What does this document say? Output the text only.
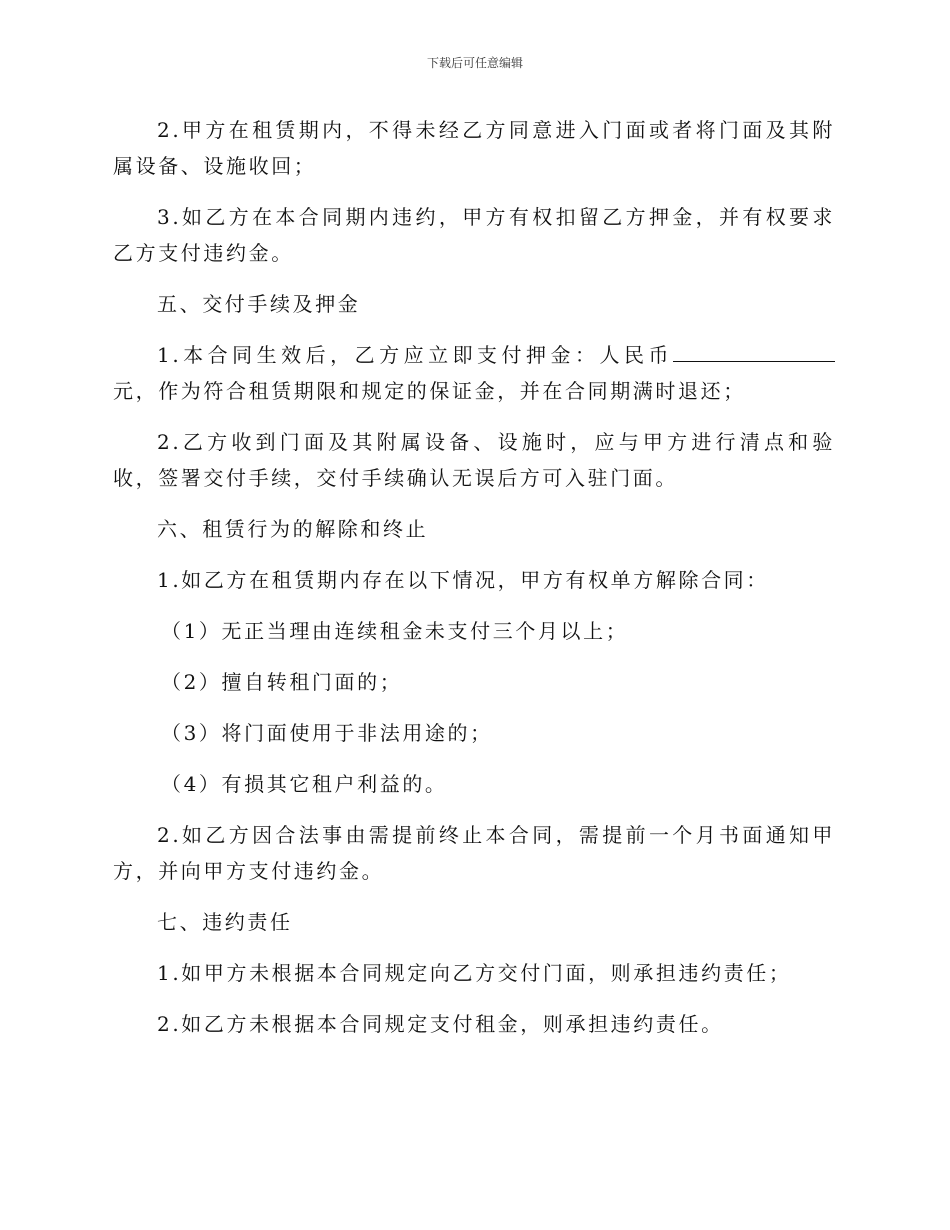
下载后可任意编辑

2.甲方在租赁期内，不得未经乙方同意进入门面或者将门面及其附属设备、设施收回；

3.如乙方在本合同期内违约，甲方有权扣留乙方押金，并有权要求乙方支付违约金。

五、交付手续及押金

1.本合同生效后，乙方应立即支付押金：人民币元，作为符合租赁期限和规定的保证金，并在合同期满时退还；

2.乙方收到门面及其附属设备、设施时，应与甲方进行清点和验收，签署交付手续，交付手续确认无误后方可入驻门面。

六、租赁行为的解除和终止

1.如乙方在租赁期内存在以下情况，甲方有权单方解除合同：

（1）无正当理由连续租金未支付三个月以上；

（2）擅自转租门面的；

（3）将门面使用于非法用途的；

（4）有损其它租户利益的。

2.如乙方因合法事由需提前终止本合同，需提前一个月书面通知甲方，并向甲方支付违约金。

七、违约责任

1.如甲方未根据本合同规定向乙方交付门面，则承担违约责任；

2.如乙方未根据本合同规定支付租金，则承担违约责任。
